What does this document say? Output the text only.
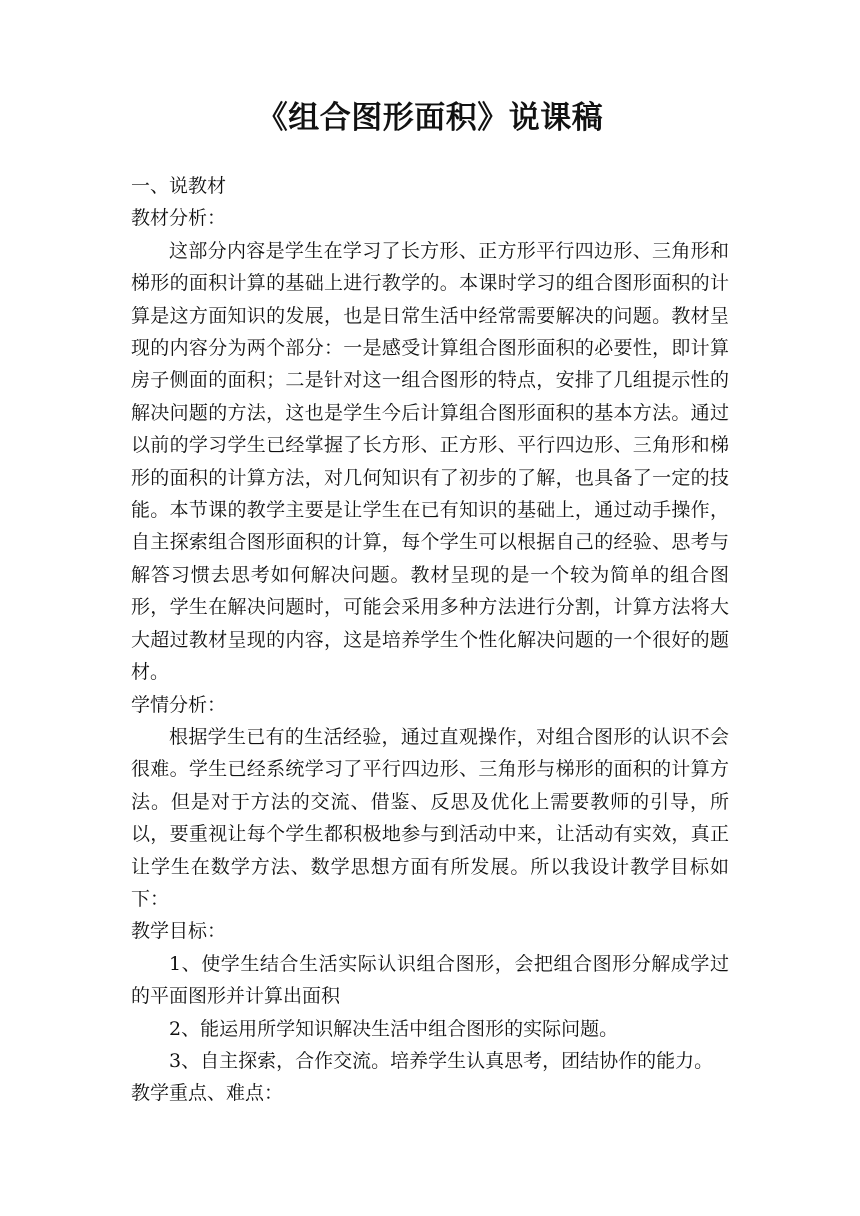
《组合图形面积》说课稿

一、说教材

教材分析：

这部分内容是学生在学习了长方形、正方形平行四边形、三角形和梯形的面积计算的基础上进行教学的。本课时学习的组合图形面积的计算是这方面知识的发展，也是日常生活中经常需要解决的问题。教材呈现的内容分为两个部分：一是感受计算组合图形面积的必要性，即计算房子侧面的面积；二是针对这一组合图形的特点，安排了几组提示性的解决问题的方法，这也是学生今后计算组合图形面积的基本方法。通过以前的学习学生已经掌握了长方形、正方形、平行四边形、三角形和梯形的面积的计算方法，对几何知识有了初步的了解，也具备了一定的技能。本节课的教学主要是让学生在已有知识的基础上，通过动手操作，自主探索组合图形面积的计算，每个学生可以根据自己的经验、思考与解答习惯去思考如何解决问题。教材呈现的是一个较为简单的组合图形，学生在解决问题时，可能会采用多种方法进行分割，计算方法将大大超过教材呈现的内容，这是培养学生个性化解决问题的一个很好的题材。

学情分析：

根据学生已有的生活经验，通过直观操作，对组合图形的认识不会很难。学生已经系统学习了平行四边形、三角形与梯形的面积的计算方法。但是对于方法的交流、借鉴、反思及优化上需要教师的引导，所以，要重视让每个学生都积极地参与到活动中来，让活动有实效，真正让学生在数学方法、数学思想方面有所发展。所以我设计教学目标如下：

教学目标：

1、使学生结合生活实际认识组合图形，会把组合图形分解成学过的平面图形并计算出面积

2、能运用所学知识解决生活中组合图形的实际问题。

3、自主探索，合作交流。培养学生认真思考，团结协作的能力。

教学重点、难点：
